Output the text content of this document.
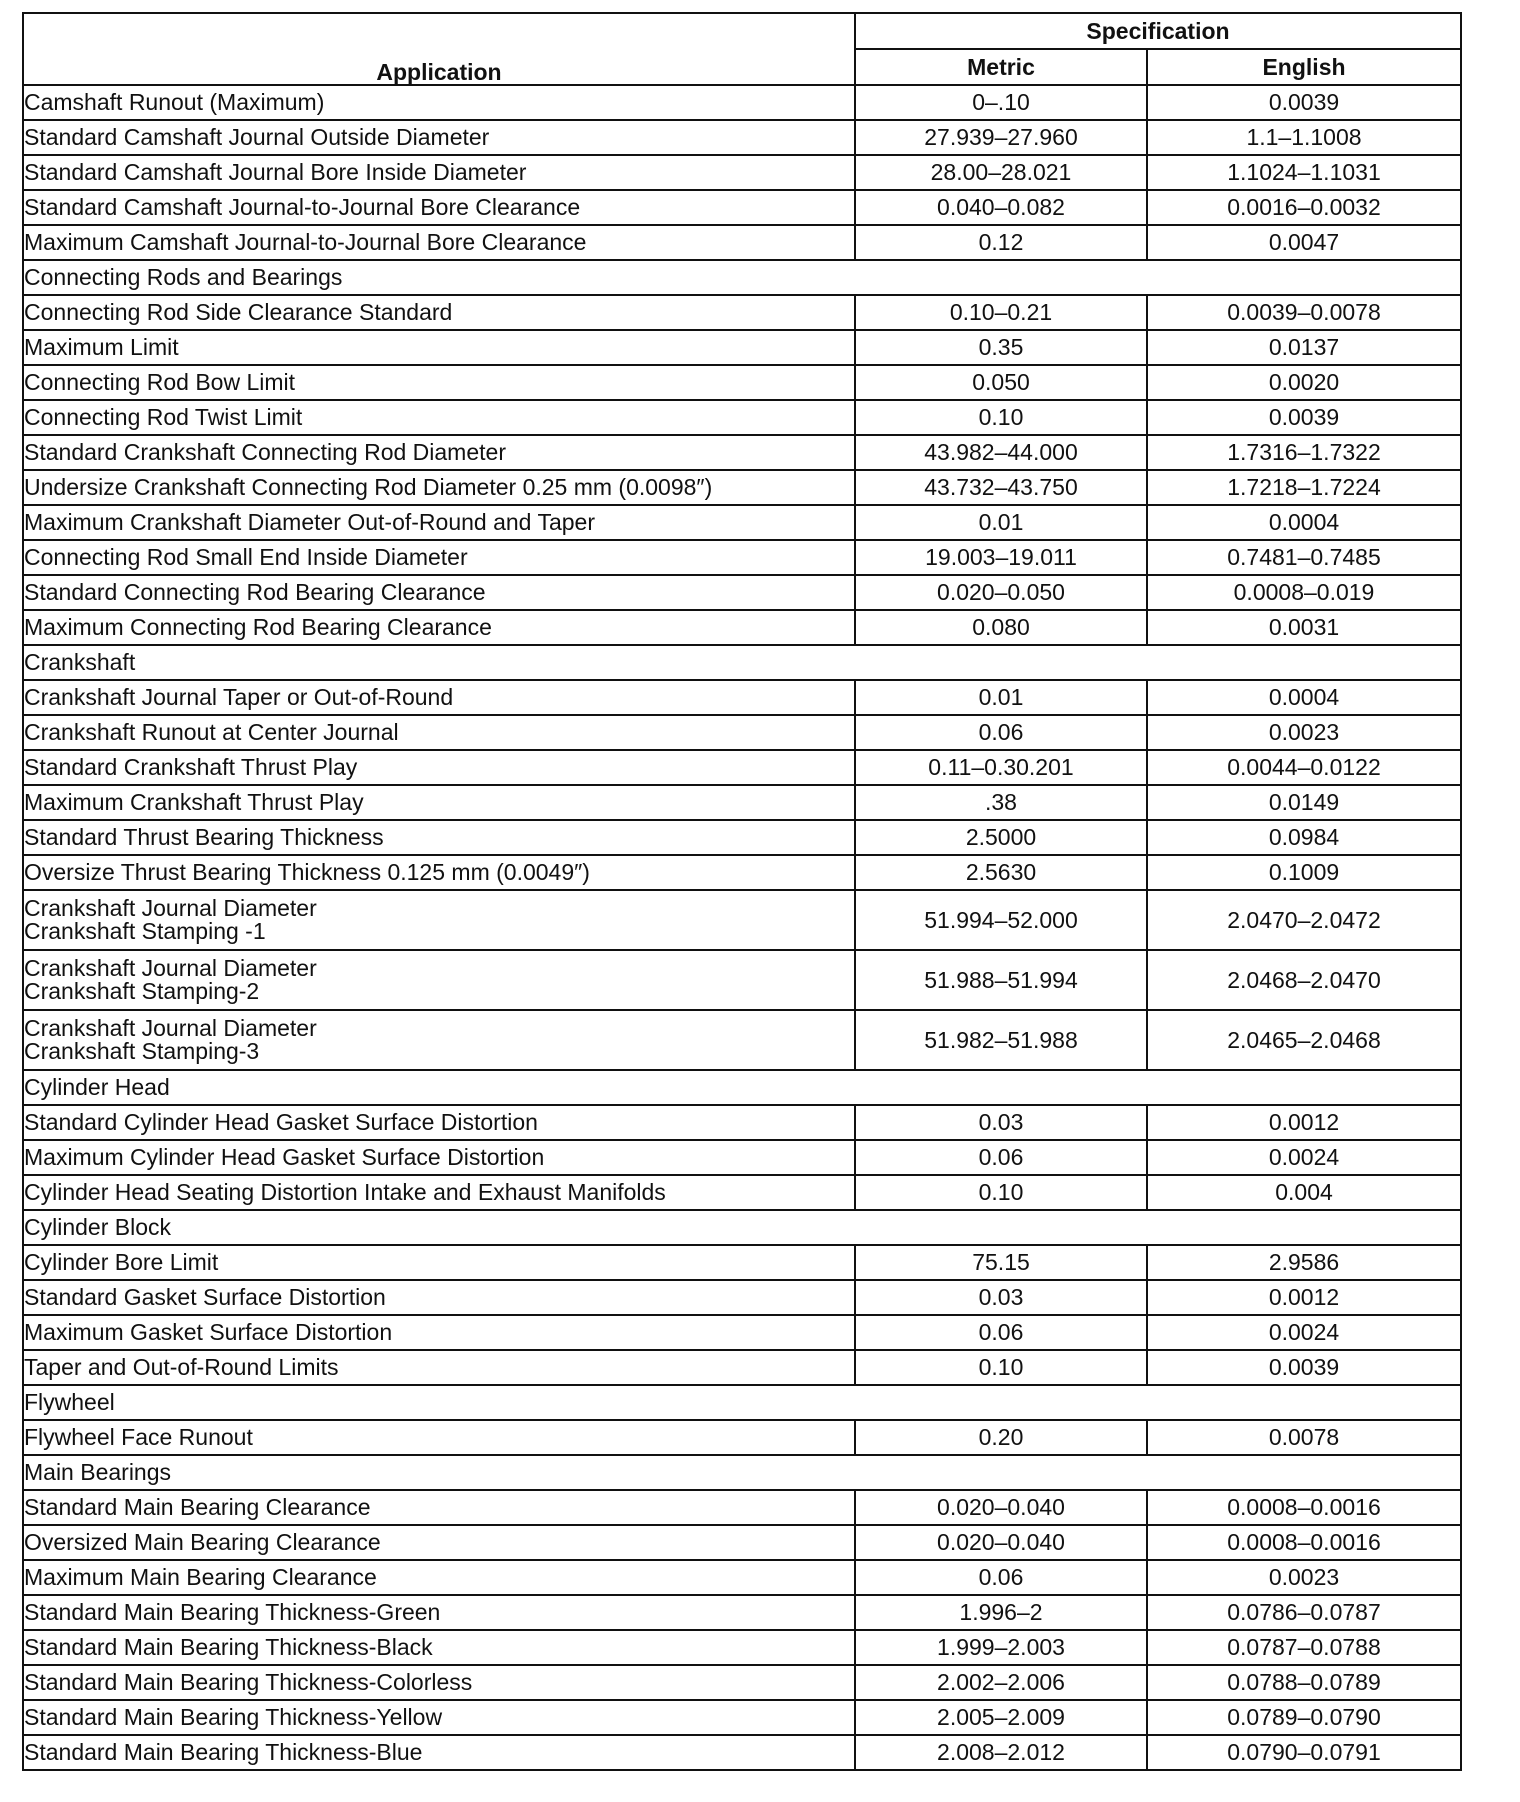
Application	Specification	
	Metric	English
Camshaft Runout (Maximum)	0–.10	0.0039
Standard Camshaft Journal Outside Diameter	27.939–27.960	1.1–1.1008
Standard Camshaft Journal Bore Inside Diameter	28.00–28.021	1.1024–1.1031
Standard Camshaft Journal-to-Journal Bore Clearance	0.040–0.082	0.0016–0.0032
Maximum Camshaft Journal-to-Journal Bore Clearance	0.12	0.0047
Connecting Rods and Bearings		
Connecting Rod Side Clearance Standard	0.10–0.21	0.0039–0.0078
Maximum Limit	0.35	0.0137
Connecting Rod Bow Limit	0.050	0.0020
Connecting Rod Twist Limit	0.10	0.0039
Standard Crankshaft Connecting Rod Diameter	43.982–44.000	1.7316–1.7322
Undersize Crankshaft Connecting Rod Diameter 0.25 mm (0.0098″)	43.732–43.750	1.7218–1.7224
Maximum Crankshaft Diameter Out-of-Round and Taper	0.01	0.0004
Connecting Rod Small End Inside Diameter	19.003–19.011	0.7481–0.7485
Standard Connecting Rod Bearing Clearance	0.020–0.050	0.0008–0.019
Maximum Connecting Rod Bearing Clearance	0.080	0.0031
Crankshaft		
Crankshaft Journal Taper or Out-of-Round	0.01	0.0004
Crankshaft Runout at Center Journal	0.06	0.0023
Standard Crankshaft Thrust Play	0.11–0.30.201	0.0044–0.0122
Maximum Crankshaft Thrust Play	.38	0.0149
Standard Thrust Bearing Thickness	2.5000	0.0984
Oversize Thrust Bearing Thickness 0.125 mm (0.0049″)	2.5630	0.1009

Crankshaft Journal Diameter
Crankshaft Stamping -1	51.994–52.000	2.0470–2.0472

Crankshaft Journal Diameter
Crankshaft Stamping-2	51.988–51.994	2.0468–2.0470

Crankshaft Journal Diameter
Crankshaft Stamping-3	51.982–51.988	2.0465–2.0468
Cylinder Head		
Standard Cylinder Head Gasket Surface Distortion	0.03	0.0012
Maximum Cylinder Head Gasket Surface Distortion	0.06	0.0024
Cylinder Head Seating Distortion Intake and Exhaust Manifolds	0.10	0.004
Cylinder Block		
Cylinder Bore Limit	75.15	2.9586
Standard Gasket Surface Distortion	0.03	0.0012
Maximum Gasket Surface Distortion	0.06	0.0024
Taper and Out-of-Round Limits	0.10	0.0039
Flywheel		
Flywheel Face Runout	0.20	0.0078
Main Bearings		
Standard Main Bearing Clearance	0.020–0.040	0.0008–0.0016
Oversized Main Bearing Clearance	0.020–0.040	0.0008–0.0016
Maximum Main Bearing Clearance	0.06	0.0023
Standard Main Bearing Thickness-Green	1.996–2	0.0786–0.0787
Standard Main Bearing Thickness-Black	1.999–2.003	0.0787–0.0788
Standard Main Bearing Thickness-Colorless	2.002–2.006	0.0788–0.0789
Standard Main Bearing Thickness-Yellow	2.005–2.009	0.0789–0.0790
Standard Main Bearing Thickness-Blue	2.008–2.012	0.0790–0.0791
